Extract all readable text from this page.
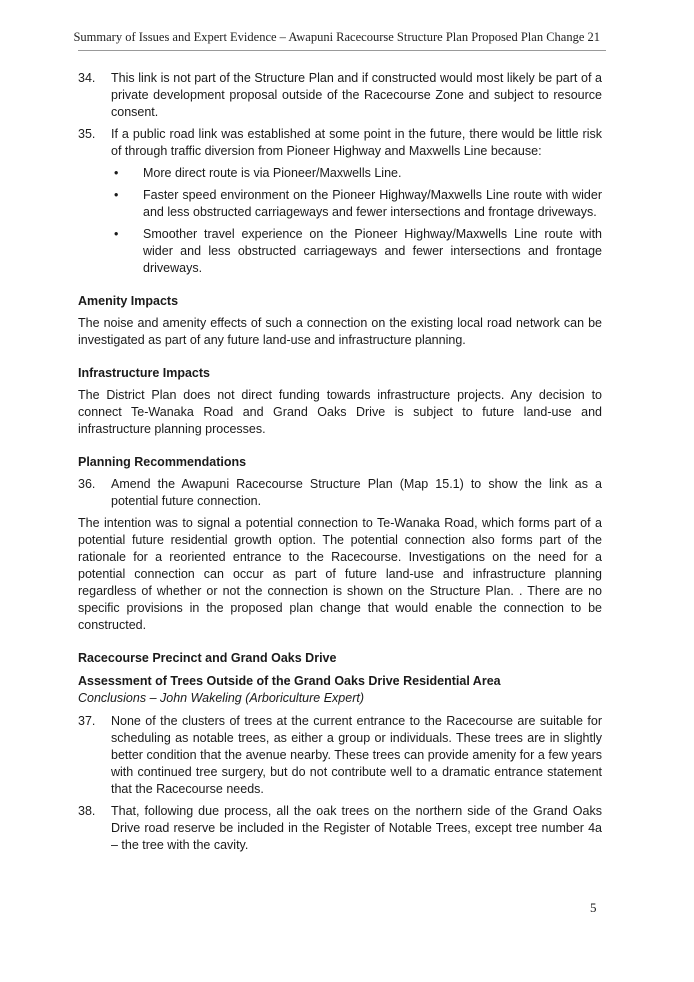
Summary of Issues and Expert Evidence – Awapuni Racecourse Structure Plan Proposed Plan Change 21
34. This link is not part of the Structure Plan and if constructed would most likely be part of a private development proposal outside of the Racecourse Zone and subject to resource consent.

35. If a public road link was established at some point in the future, there would be little risk of through traffic diversion from Pioneer Highway and Maxwells Line because:

• More direct route is via Pioneer/Maxwells Line.
• Faster speed environment on the Pioneer Highway/Maxwells Line route with wider and less obstructed carriageways and fewer intersections and frontage driveways.
• Smoother travel experience on the Pioneer Highway/Maxwells Line route with wider and less obstructed carriageways and fewer intersections and frontage driveways.
Amenity Impacts

The noise and amenity effects of such a connection on the existing local road network can be investigated as part of any future land-use and infrastructure planning.

Infrastructure Impacts

The District Plan does not direct funding towards infrastructure projects. Any decision to connect Te-Wanaka Road and Grand Oaks Drive is subject to future land-use and infrastructure planning processes.

Planning Recommendations
36. Amend the Awapuni Racecourse Structure Plan (Map 15.1) to show the link as a potential future connection.

The intention was to signal a potential connection to Te-Wanaka Road, which forms part of a potential future residential growth option. The potential connection also forms part of the rationale for a reoriented entrance to the Racecourse. Investigations on the need for a potential connection can occur as part of future land-use and infrastructure planning regardless of whether or not the connection is shown on the Structure Plan. . There are no specific provisions in the proposed plan change that would enable the connection to be constructed.

Racecourse Precinct and Grand Oaks Drive
Assessment of Trees Outside of the Grand Oaks Drive Residential Area

Conclusions – John Wakeling (Arboriculture Expert)

37. None of the clusters of trees at the current entrance to the Racecourse are suitable for scheduling as notable trees, as either a group or individuals. These trees are in slightly better condition that the avenue nearby. These trees can provide amenity for a few years with continued tree surgery, but do not contribute well to a dramatic entrance statement that the Racecourse needs.

38. That, following due process, all the oak trees on the northern side of the Grand Oaks Drive road reserve be included in the Register of Notable Trees, except tree number 4a – the tree with the cavity.

5
